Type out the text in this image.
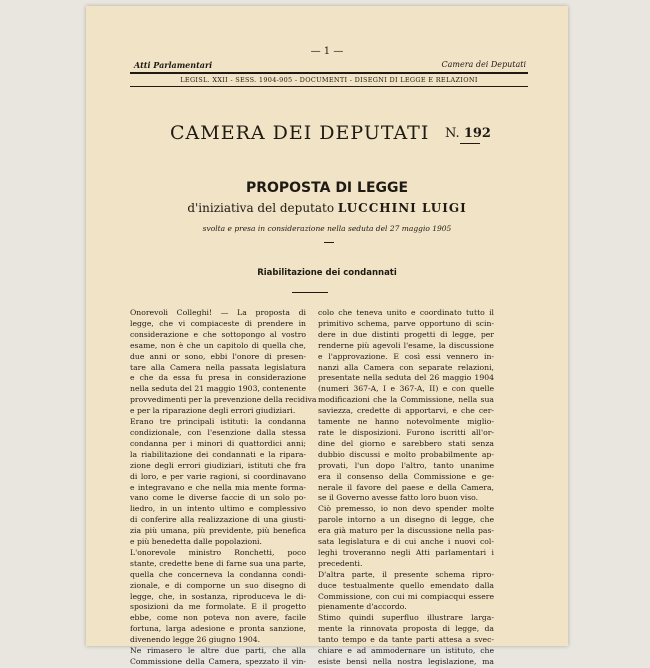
— 1 —
Atti Parlamentari	Camera dei Deputati
LEGISL. XXII - SESS. 1904-905 - DOCUMENTI - DISEGNI DI LEGGE E RELAZIONI
CAMERA DEI DEPUTATI N. 192
PROPOSTA DI LEGGE
d'iniziativa del deputato LUCCHINI LUIGI
svolta e presa in considerazione nella seduta del 27 maggio 1905
Riabilitazione dei condannati

Onorevoli Colleghi! — La proposta di

legge, che vi compiaceste di prendere in

considerazione e che sottopongo al vostro

esame, non è che un capitolo di quella che,

due anni or sono, ebbi l'onore di presen-

tare alla Camera nella passata legislatura

e che da essa fu presa in considerazione

nella seduta del 21 maggio 1903, contenente

provvedimenti per la prevenzione della recidiva

e per la riparazione degli errori giudiziari.

Erano tre principali istituti: la condanna

condizionale, con l'esenzione dalla stessa

condanna per i minori di quattordici anni;

la riabilitazione dei condannati e la ripara-

zione degli errori giudiziari, istituti che fra

di loro, e per varie ragioni, si coordinavano

e integravano e che nella mia mente forma-

vano come le diverse faccie di un solo po-

liedro, in un intento ultimo e complessivo

di conferire alla realizzazione di una giusti-

zia più umana, più previdente, più benefica

e più benedetta dalle popolazioni.

L'onorevole ministro Ronchetti, poco

stante, credette bene di farne sua una parte,

quella che concerneva la condanna condi-

zionale, e di comporne un suo disegno di

legge, che, in sostanza, riproduceva le di-

sposizioni da me formolate. E il progetto

ebbe, come non poteva non avere, facile

fortuna, larga adesione e pronta sanzione,

divenendo legge 26 giugno 1904.

Ne rimasero le altre due parti, che alla

Commissione della Camera, spezzato il vin-

colo che teneva unito e coordinato tutto il

primitivo schema, parve opportuno di scin-

dere in due distinti progetti di legge, per

renderne più agevoli l'esame, la discussione

e l'approvazione. E così essi vennero in-

nanzi alla Camera con separate relazioni,

presentate nella seduta del 26 maggio 1904

(numeri 367-A, I e 367-A, II) e con quelle

modificazioni che la Commissione, nella sua

saviezza, credette di apportarvi, e che cer-

tamente ne hanno notevolmente miglio-

rate le disposizioni. Furono iscritti all'or-

dine del giorno e sarebbero stati senza

dubbio discussi e molto probabilmente ap-

provati, l'un dopo l'altro, tanto unanime

era il consenso della Commissione e ge-

nerale il favore del paese e della Camera,

se il Governo avesse fatto loro buon viso.

Ciò premesso, io non devo spender molte

parole intorno a un disegno di legge, che

era già maturo per la discussione nella pas-

sata legislatura e di cui anche i nuovi col-

leghi troveranno negli Atti parlamentari i

precedenti.

D'altra parte, il presente schema ripro-

duce testualmente quello emendato dalla

Commissione, con cui mi compiacqui essere

pienamente d'accordo.

Stimo quindi superfluo illustrare larga-

mente la rinnovata proposta di legge, da

tanto tempo e da tante parti attesa a svec-

chiare e ad ammodernare un istituto, che

esiste bensì nella nostra legislazione, ma
